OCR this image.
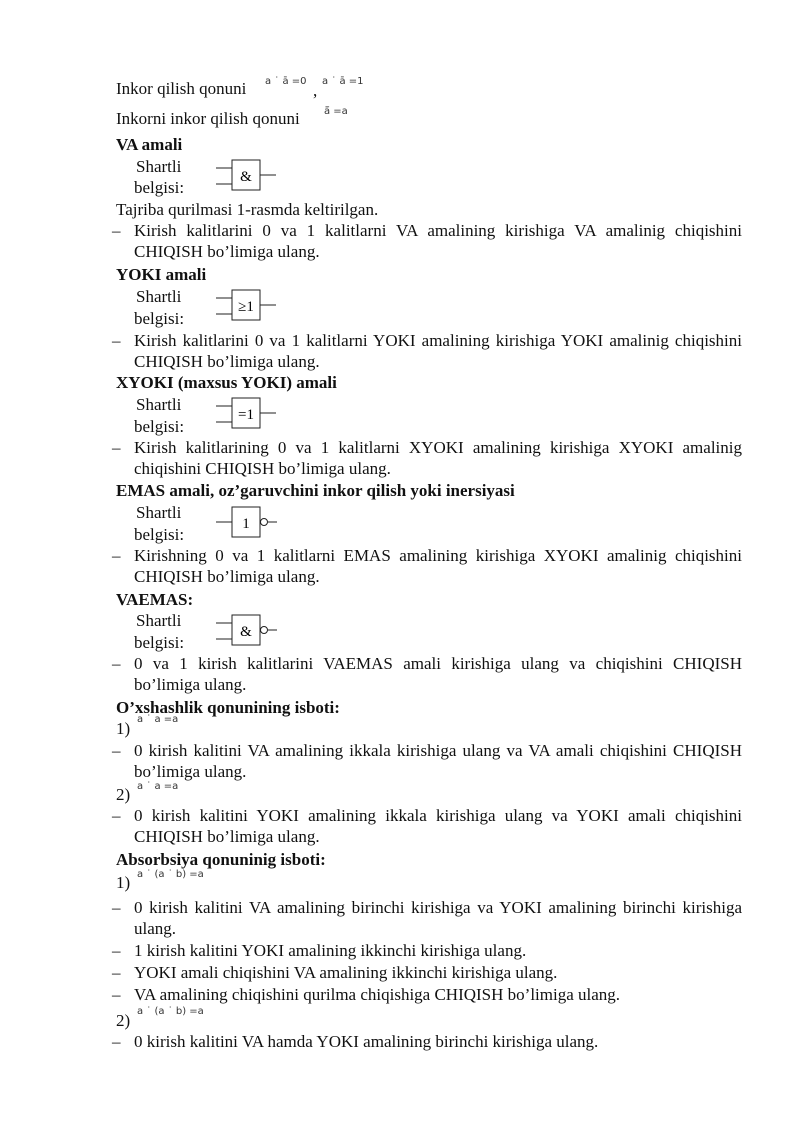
Inkor qilish qonuni a ˙ ā =0 , a ˙ ā =1
Inkorni inkor qilish qonuni ā̄ =a
VA amali
Shartli
belgisi:
&
Tajriba qurilmasi 1-rasmda keltirilgan.
– Kirish kalitlarini 0 va 1 kalitlarni VA amalining kirishiga VA amalinig chiqishini CHIQISH bo’limiga ulang.
YOKI amali
Shartli
belgisi:
≥1
– Kirish kalitlarini 0 va 1 kalitlarni YOKI amalining kirishiga YOKI amalinig chiqishini CHIQISH bo’limiga ulang.
XYOKI (maxsus YOKI) amali
Shartli
belgisi:
=1
– Kirish kalitlarining 0 va 1 kalitlarni XYOKI amalining kirishiga XYOKI amalinig chiqishini CHIQISH bo’limiga ulang.
EMAS amali, oz’garuvchini inkor qilish yoki inersiyasi
Shartli
belgisi:
1
– Kirishning 0 va 1 kalitlarni EMAS amalining kirishiga XYOKI amalinig chiqishini CHIQISH bo’limiga ulang.
VAEMAS:
Shartli
belgisi:
&
– 0 va 1 kirish kalitlarini VAEMAS amali kirishiga ulang va chiqishini CHIQISH bo’limiga ulang.
O’xshashlik qonunining isboti:
1) a ˙ a =a
– 0 kirish kalitini VA amalining ikkala kirishiga ulang va VA amali chiqishini CHIQISH bo’limiga ulang.
2) a ˙ a =a
– 0 kirish kalitini YOKI amalining ikkala kirishiga ulang va YOKI amali chiqishini CHIQISH bo’limiga ulang.
Absorbsiya qonuninig isboti:
1) a ˙ (a ˙ b) =a
– 0 kirish kalitini VA amalining birinchi kirishiga va YOKI amalining birinchi kirishiga ulang.
– 1 kirish kalitini YOKI amalining ikkinchi kirishiga ulang.
– YOKI amali chiqishini VA amalining ikkinchi kirishiga ulang.
– VA amalining chiqishini qurilma chiqishiga CHIQISH bo’limiga ulang.
2) a ˙ (a ˙ b) =a
– 0 kirish kalitini VA hamda YOKI amalining birinchi kirishiga ulang.
